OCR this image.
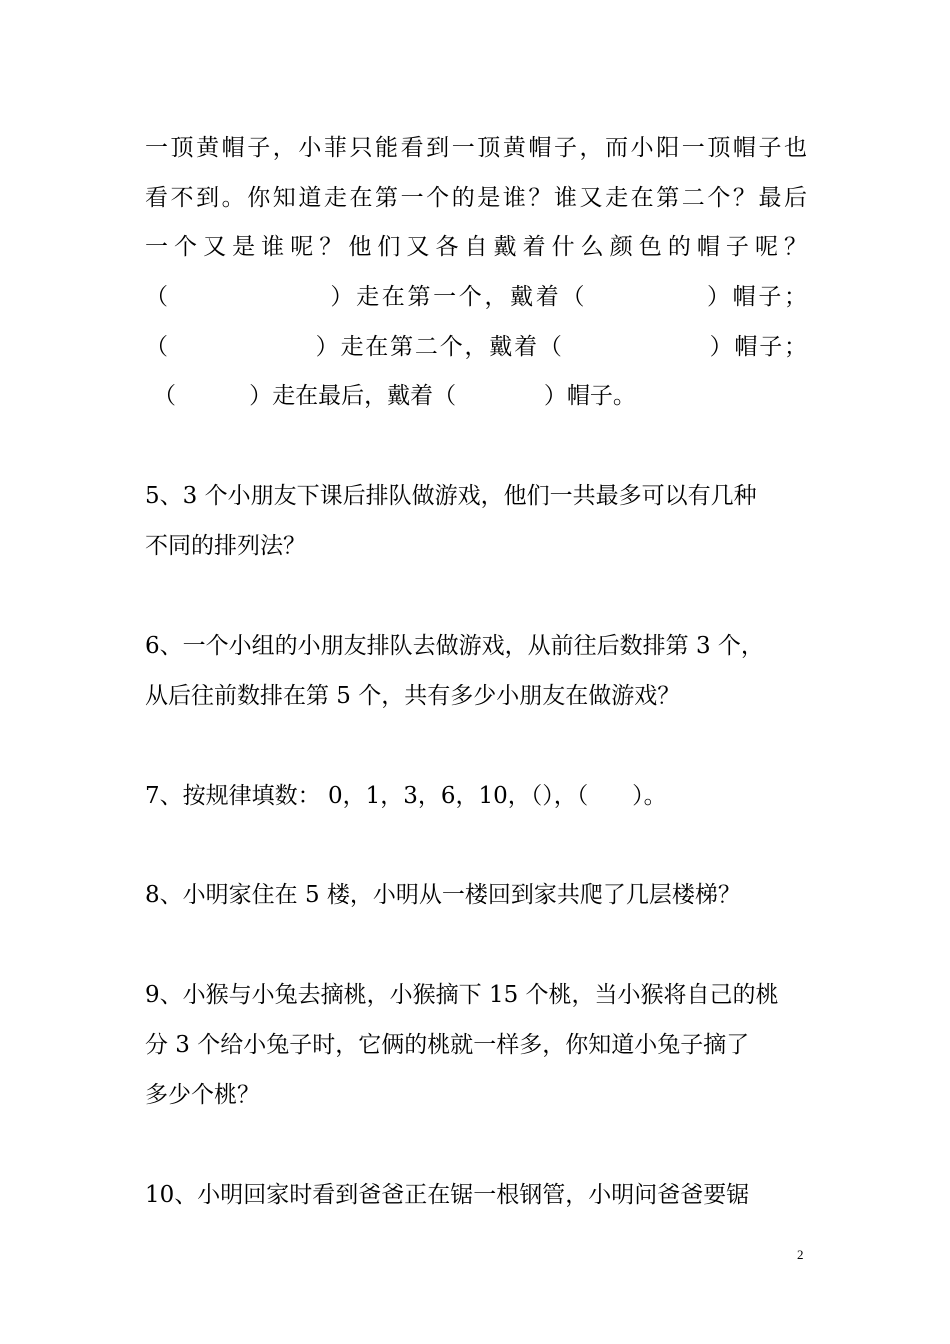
一顶黄帽子，小菲只能看到一顶黄帽子，而小阳一顶帽子也
看不到。你知道走在第一个的是谁？谁又走在第二个？最后
一个又是谁呢？他们又各自戴着什么颜色的帽子呢？
（                ）走在第一个，戴着（            ）帽子；
（                ）走在第二个，戴着（                ）帽子；
（          ）走在最后，戴着（            ）帽子。
5、3 个小朋友下课后排队做游戏，他们一共最多可以有几种
不同的排列法？
6、一个小组的小朋友排队去做游戏，从前往后数排第 3 个，
从后往前数排在第 5 个，共有多少小朋友在做游戏？
7、按规律填数： 0，1，3，6，10，（），（      ）。
8、小明家住在 5 楼，小明从一楼回到家共爬了几层楼梯？
9、小猴与小兔去摘桃，小猴摘下 15 个桃，当小猴将自己的桃
分 3 个给小兔子时，它俩的桃就一样多，你知道小兔子摘了
多少个桃？
10、小明回家时看到爸爸正在锯一根钢管，小明问爸爸要锯
2
